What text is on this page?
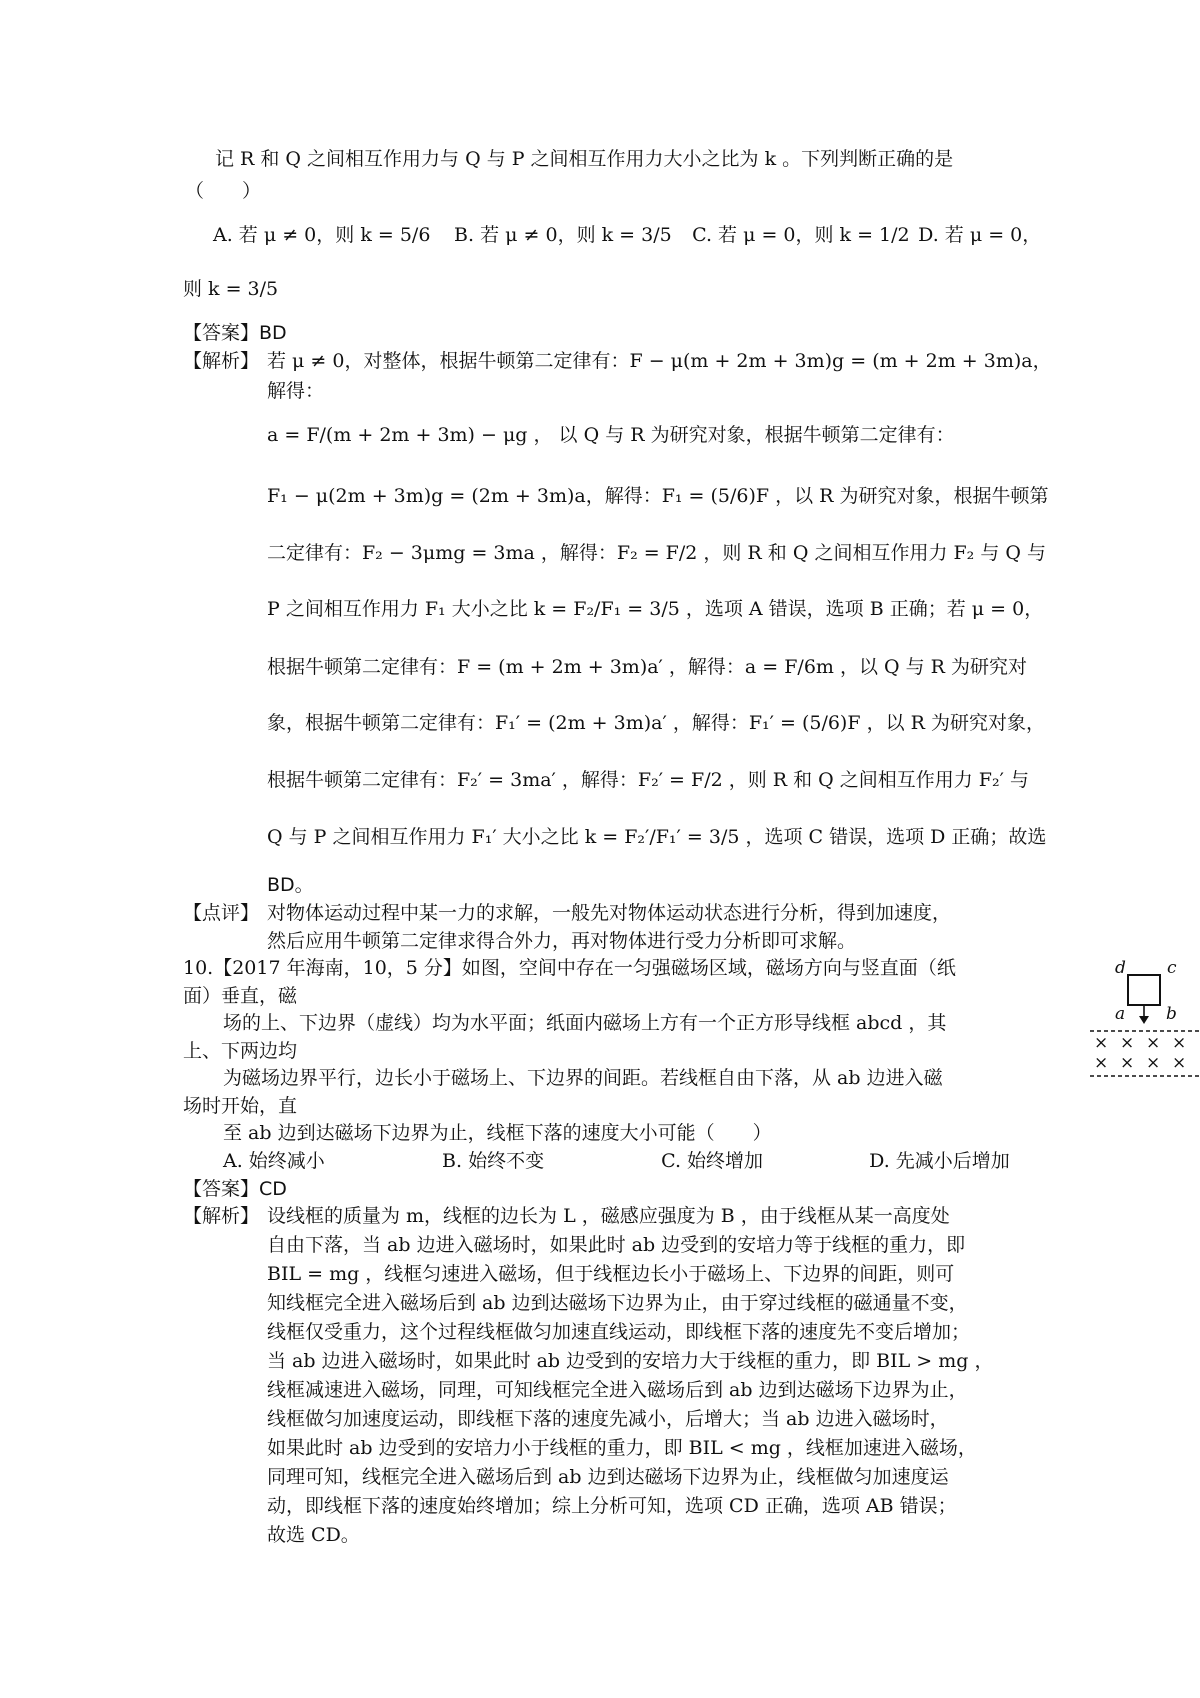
记 R 和 Q 之间相互作用力与 Q 与 P 之间相互作用力大小之比为 k 。下列判断正确的是
（　　）
A. 若 μ ≠ 0，则 k = 5/6 B. 若 μ ≠ 0，则 k = 3/5 C. 若 μ = 0，则 k = 1/2 D. 若 μ = 0，
则 k = 3/5
【答案】BD
【解析】 若 μ ≠ 0，对整体，根据牛顿第二定律有：F − μ(m + 2m + 3m)g = (m + 2m + 3m)a，
解得：
a = F/(m + 2m + 3m) − μg ， 以 Q 与 R 为研究对象，根据牛顿第二定律有：
F₁ − μ(2m + 3m)g = (2m + 3m)a，解得：F₁ = (5/6)F ，以 R 为研究对象，根据牛顿第
二定律有：F₂ − 3μmg = 3ma ，解得：F₂ = F/2 ，则 R 和 Q 之间相互作用力 F₂ 与 Q 与
P 之间相互作用力 F₁ 大小之比 k = F₂/F₁ = 3/5 ，选项 A 错误，选项 B 正确；若 μ = 0，
根据牛顿第二定律有：F = (m + 2m + 3m)a′ ，解得：a = F/6m ，以 Q 与 R 为研究对
象，根据牛顿第二定律有：F₁′ = (2m + 3m)a′ ，解得：F₁′ = (5/6)F ，以 R 为研究对象，
根据牛顿第二定律有：F₂′ = 3ma′ ，解得：F₂′ = F/2 ，则 R 和 Q 之间相互作用力 F₂′ 与
Q 与 P 之间相互作用力 F₁′ 大小之比 k = F₂′/F₁′ = 3/5 ，选项 C 错误，选项 D 正确；故选
BD。
【点评】 对物体运动过程中某一力的求解，一般先对物体运动状态进行分析，得到加速度，
然后应用牛顿第二定律求得合外力，再对物体进行受力分析即可求解。
10.【2017 年海南，10，5 分】如图，空间中存在一匀强磁场区域，磁场方向与竖直面（纸
面）垂直，磁
场的上、下边界（虚线）均为水平面；纸面内磁场上方有一个正方形导线框 abcd ，其
上、下两边均
为磁场边界平行，边长小于磁场上、下边界的间距。若线框自由下落，从 ab 边进入磁
场时开始，直
至 ab 边到达磁场下边界为止，线框下落的速度大小可能（　　）
A. 始终减小	B. 始终不变	C. 始终增加	D. 先减小后增加
【答案】CD
【解析】 设线框的质量为 m，线框的边长为 L ，磁感应强度为 B ，由于线框从某一高度处
自由下落，当 ab 边进入磁场时，如果此时 ab 边受到的安培力等于线框的重力，即
BIL = mg ，线框匀速进入磁场，但于线框边长小于磁场上、下边界的间距，则可
知线框完全进入磁场后到 ab 边到达磁场下边界为止，由于穿过线框的磁通量不变，
线框仅受重力，这个过程线框做匀加速直线运动，即线框下落的速度先不变后增加；
当 ab 边进入磁场时，如果此时 ab 边受到的安培力大于线框的重力，即 BIL > mg ，
线框减速进入磁场，同理，可知线框完全进入磁场后到 ab 边到达磁场下边界为止，
线框做匀加速度运动，即线框下落的速度先减小，后增大；当 ab 边进入磁场时，
如果此时 ab 边受到的安培力小于线框的重力，即 BIL < mg ，线框加速进入磁场，
同理可知，线框完全进入磁场后到 ab 边到达磁场下边界为止，线框做匀加速度运
动，即线框下落的速度始终增加；综上分析可知，选项 CD 正确，选项 AB 错误；
故选 CD。
d c
a b
× × × ×
× × × ×
